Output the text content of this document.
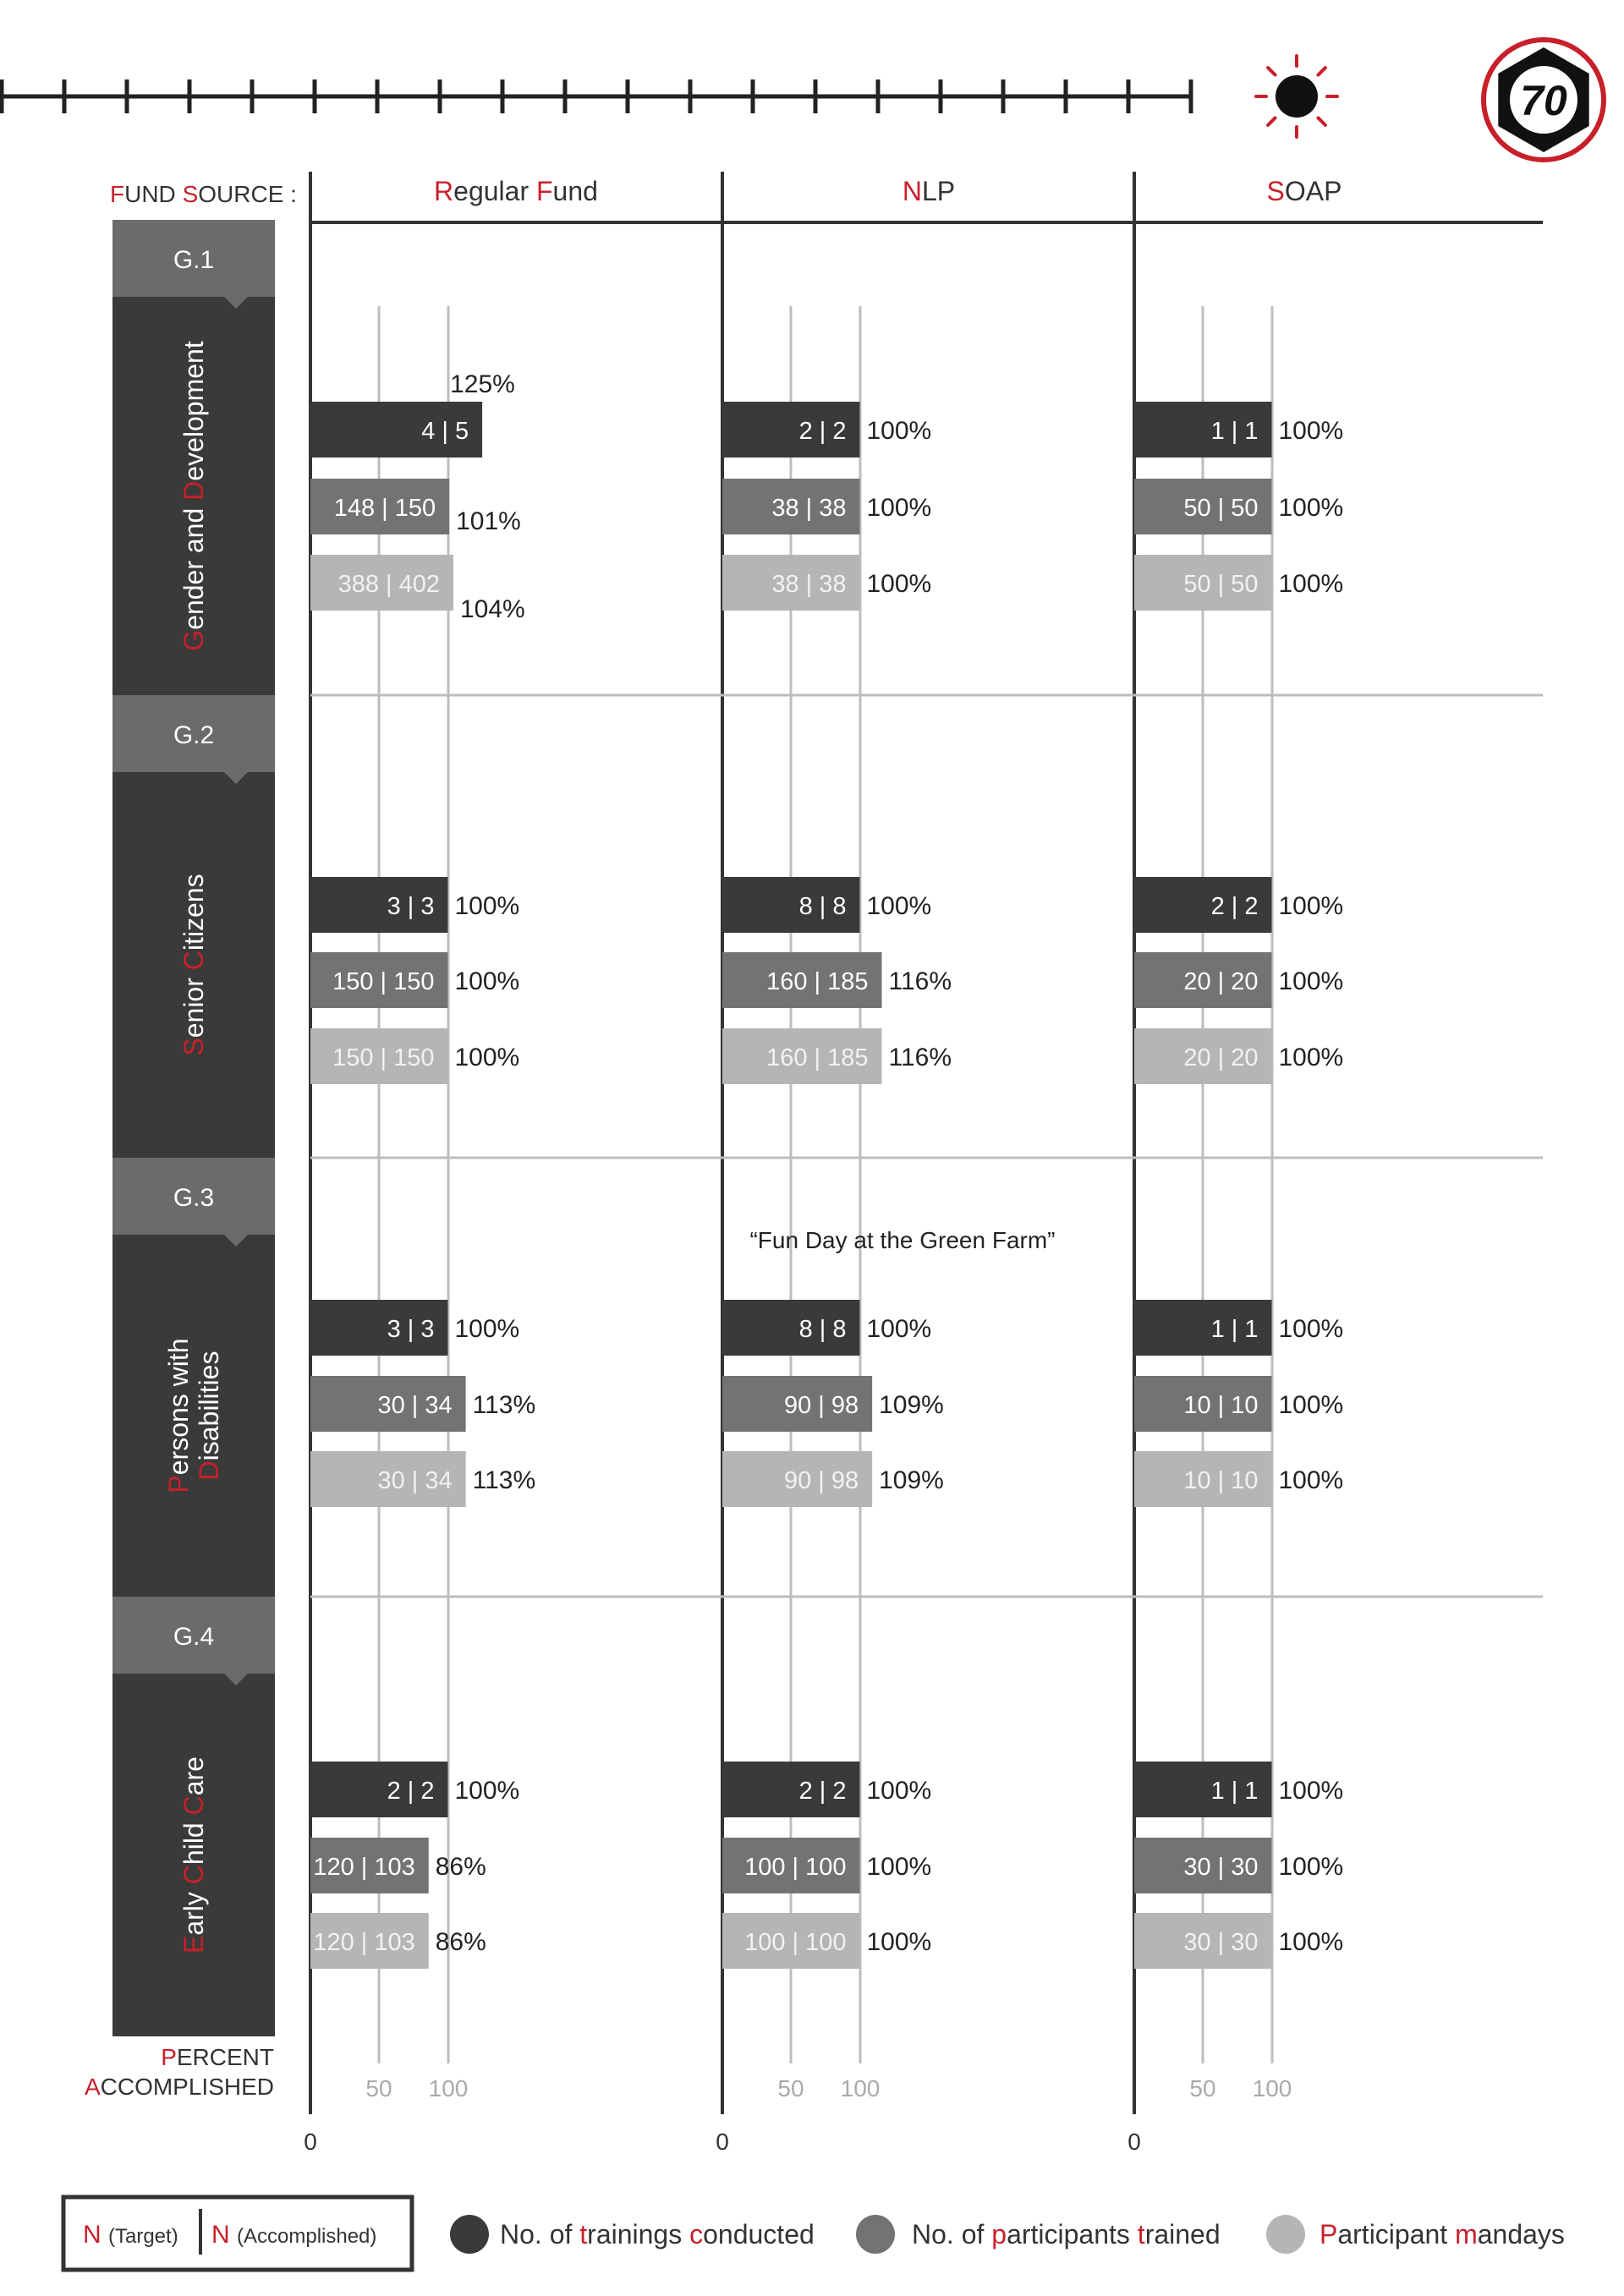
70
FUND SOURCE :	Regular Fund	NLP	SOAP
50 100
0
50 100
0
50 100
0
G.1
Gender and Development
G.2
Senior Citizens
G.3
Persons with
Disabilities
G.4
Early Child Care
4 | 5
125%
148 | 150 101%
388 | 402
104%
2 | 2 100%
38 | 38 100%
38 | 38 100%
1 | 1 100%
50 | 50 100%
50 | 50 100%
3 | 3 100%
150 | 150 100%
150 | 150 100%
8 | 8 100%
160 | 185 116%
160 | 185 116%
2 | 2 100%
20 | 20 100%
20 | 20 100%
3 | 3 100%
30 | 34 113%
30 | 34 113%
8 | 8 100%
90 | 98 109%
90 | 98 109%
1 | 1 100%
10 | 10 100%
10 | 10 100%
“Fun Day at the Green Farm”
2 | 2 100%
120 | 103 86%
120 | 103 86%
2 | 2 100%
100 | 100 100%
100 | 100 100%
1 | 1 100%
30 | 30 100%
30 | 30 100%
PERCENT
ACCOMPLISHED
N (Target) N (Accomplished)	No. of trainings conducted	No. of participants trained	Participant mandays
